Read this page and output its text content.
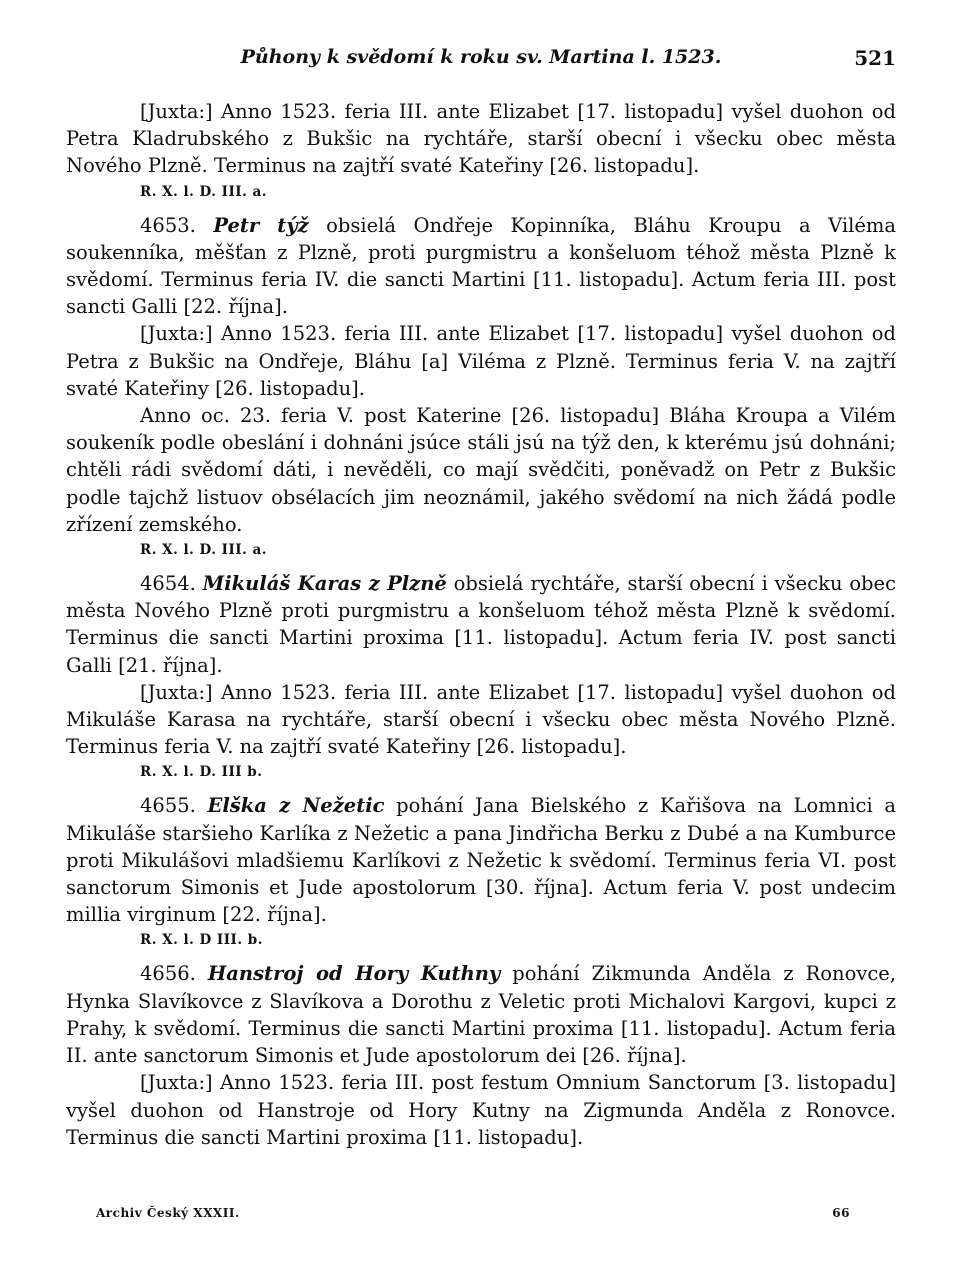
Půhony k svědomí k roku sv. Martina l. 1523.	521

[Juxta:] Anno 1523. feria III. ante Elizabet [17. listopadu] vyšel duohon od Petra Kladrubského z Bukšic na rychtáře, starší obecní i všecku obec města Nového Plzně. Terminus na zajtří svaté Kateřiny [26. listopadu].

R. X. l. D. III. a.

4653. Petr týž obsielá Ondřeje Kopinníka, Bláhu Kroupu a Viléma soukenníka, měšťan z Plzně, proti purgmistru a konšeluom téhož města Plzně k svědomí. Terminus feria IV. die sancti Martini [11. listopadu]. Actum feria III. post sancti Galli [22. října].

[Juxta:] Anno 1523. feria III. ante Elizabet [17. listopadu] vyšel duohon od Petra z Bukšic na Ondřeje, Bláhu [a] Viléma z Plzně. Terminus feria V. na zajtří svaté Kateřiny [26. listopadu].

Anno oc. 23. feria V. post Katerine [26. listopadu] Bláha Kroupa a Vilém soukeník podle obeslání i dohnáni jsúce stáli jsú na týž den, k kterému jsú dohnáni; chtěli rádi svědomí dáti, i nevěděli, co mají svědčiti, poněvadž on Petr z Bukšic podle tajchž listuov obsélacích jim neoznámil, jakého svědomí na nich žádá podle zřízení zemského.

R. X. l. D. III. a.

4654. Mikuláš Karas z Plzně obsielá rychtáře, starší obecní i všecku obec města Nového Plzně proti purgmistru a konšeluom téhož města Plzně k svědomí. Terminus die sancti Martini proxima [11. listopadu]. Actum feria IV. post sancti Galli [21. října].

[Juxta:] Anno 1523. feria III. ante Elizabet [17. listopadu] vyšel duohon od Mikuláše Karasa na rychtáře, starší obecní i všecku obec města Nového Plzně. Terminus feria V. na zajtří svaté Kateřiny [26. listopadu].

R. X. l. D. III b.

4655. Elška z Nežetic pohání Jana Bielského z Kařišova na Lomnici a Mikuláše staršieho Karlíka z Nežetic a pana Jindřicha Berku z Dubé a na Kumburce proti Mikulášovi mladšiemu Karlíkovi z Nežetic k svědomí. Terminus feria VI. post sanctorum Simonis et Jude apostolorum [30. října]. Actum feria V. post undecim millia virginum [22. října].

R. X. l. D III. b.

4656. Hanstroj od Hory Kuthny pohání Zikmunda Anděla z Ronovce, Hynka Slavíkovce z Slavíkova a Dorothu z Veletic proti Michalovi Kargovi, kupci z Prahy, k svědomí. Terminus die sancti Martini proxima [11. listopadu]. Actum feria II. ante sanctorum Simonis et Jude apostolorum dei [26. října].

[Juxta:] Anno 1523. feria III. post festum Omnium Sanctorum [3. listopadu] vyšel duohon od Hanstroje od Hory Kutny na Zigmunda Anděla z Ronovce. Terminus die sancti Martini proxima [11. listopadu].

Archiv Český XXXII.	66
